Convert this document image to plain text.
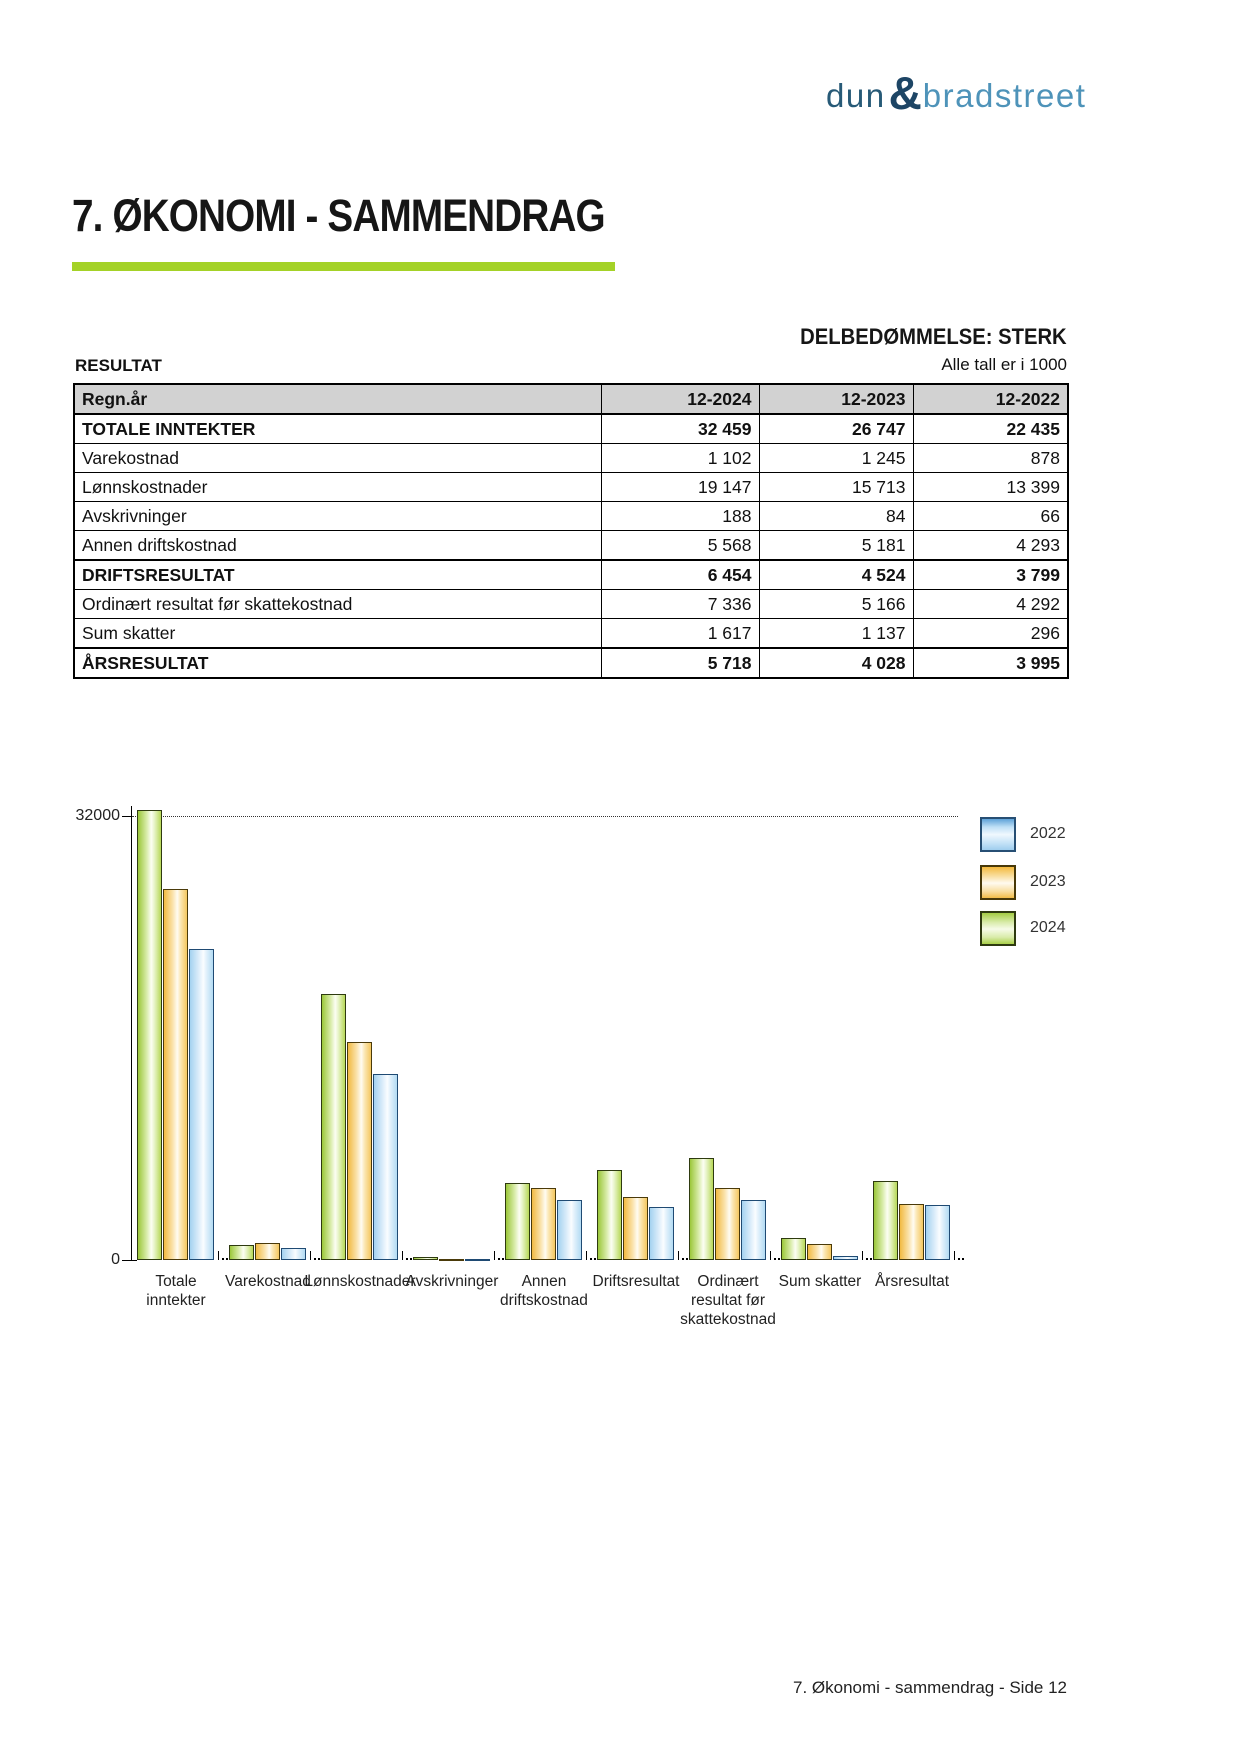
dun & bradstreet
7. ØKONOMI - SAMMENDRAG
DELBEDØMMELSE: STERK
RESULTAT	Alle tall er i 1000
Regn.år	12-2024	12-2023	12-2022
TOTALE INNTEKTER	32 459	26 747	22 435
Varekostnad	1 102	1 245	878
Lønnskostnader	19 147	15 713	13 399
Avskrivninger	188	84	66
Annen driftskostnad	5 568	5 181	4 293
DRIFTSRESULTAT	6 454	4 524	3 799
Ordinært resultat før skattekostnad	7 336	5 166	4 292
Sum skatter	1 617	1 137	296
ÅRSRESULTAT	5 718	4 028	3 995
32000
0
Totale
inntekter
Varekostnad
Lønnskostnader
Avskrivninger	Annen
driftskostnad
Driftsresultat	Ordinært
resultat før
skattekostnad
Sum skatter Årsresultat
2022
2023
2024
7. Økonomi - sammendrag - Side 12
